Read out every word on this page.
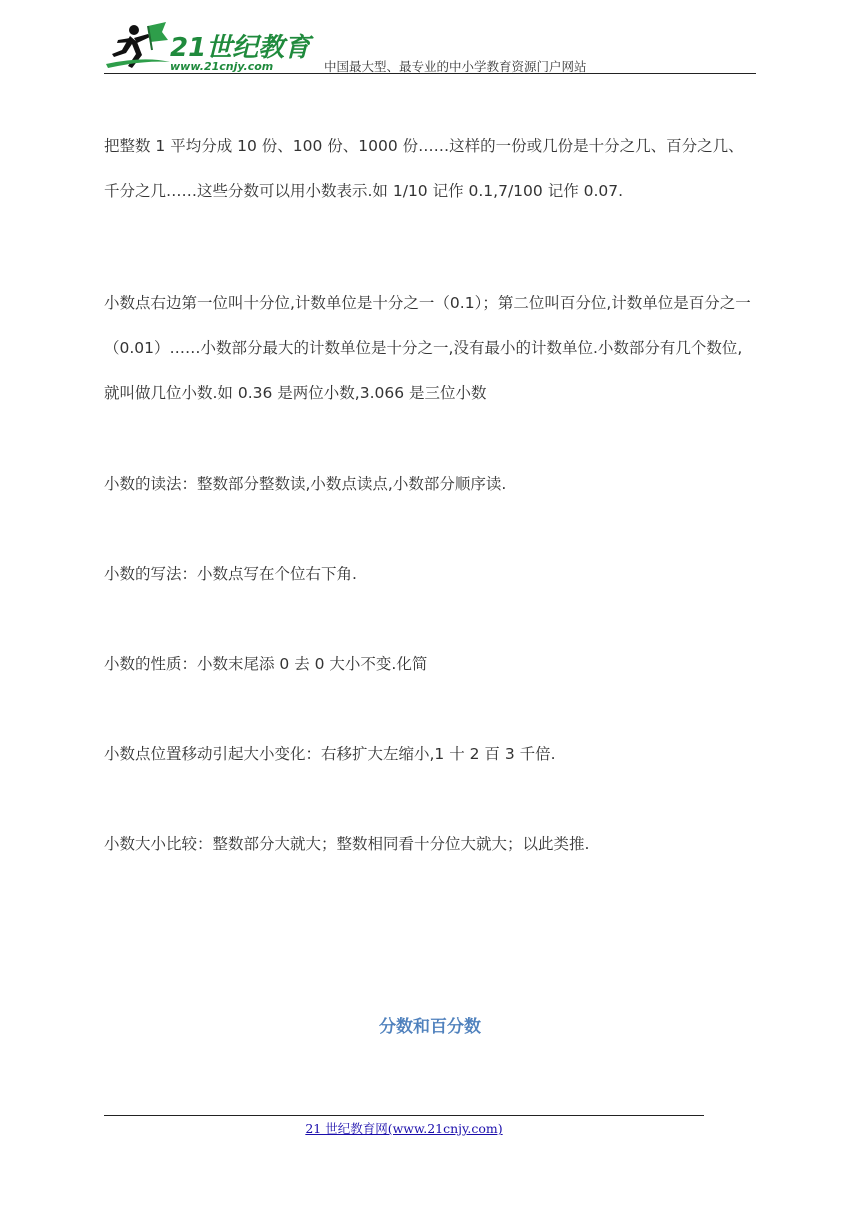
21世纪教育
www.21cnjy.com	中国最大型、最专业的中小学教育资源门户网站

把整数 1 平均分成 10 份、100 份、1000 份……这样的一份或几份是十分之几、百分之几、千分之几……这些分数可以用小数表示.如 1/10 记作 0.1,7/100 记作 0.07.

小数点右边第一位叫十分位,计数单位是十分之一（0.1）；第二位叫百分位,计数单位是百分之一（0.01）……小数部分最大的计数单位是十分之一,没有最小的计数单位.小数部分有几个数位,就叫做几位小数.如 0.36 是两位小数,3.066 是三位小数

小数的读法：整数部分整数读,小数点读点,小数部分顺序读.

小数的写法：小数点写在个位右下角.

小数的性质：小数末尾添 0 去 0 大小不变.化简

小数点位置移动引起大小变化：右移扩大左缩小,1 十 2 百 3 千倍.

小数大小比较：整数部分大就大；整数相同看十分位大就大；以此类推.

分数和百分数
21 世纪教育网(www.21cnjy.com)
